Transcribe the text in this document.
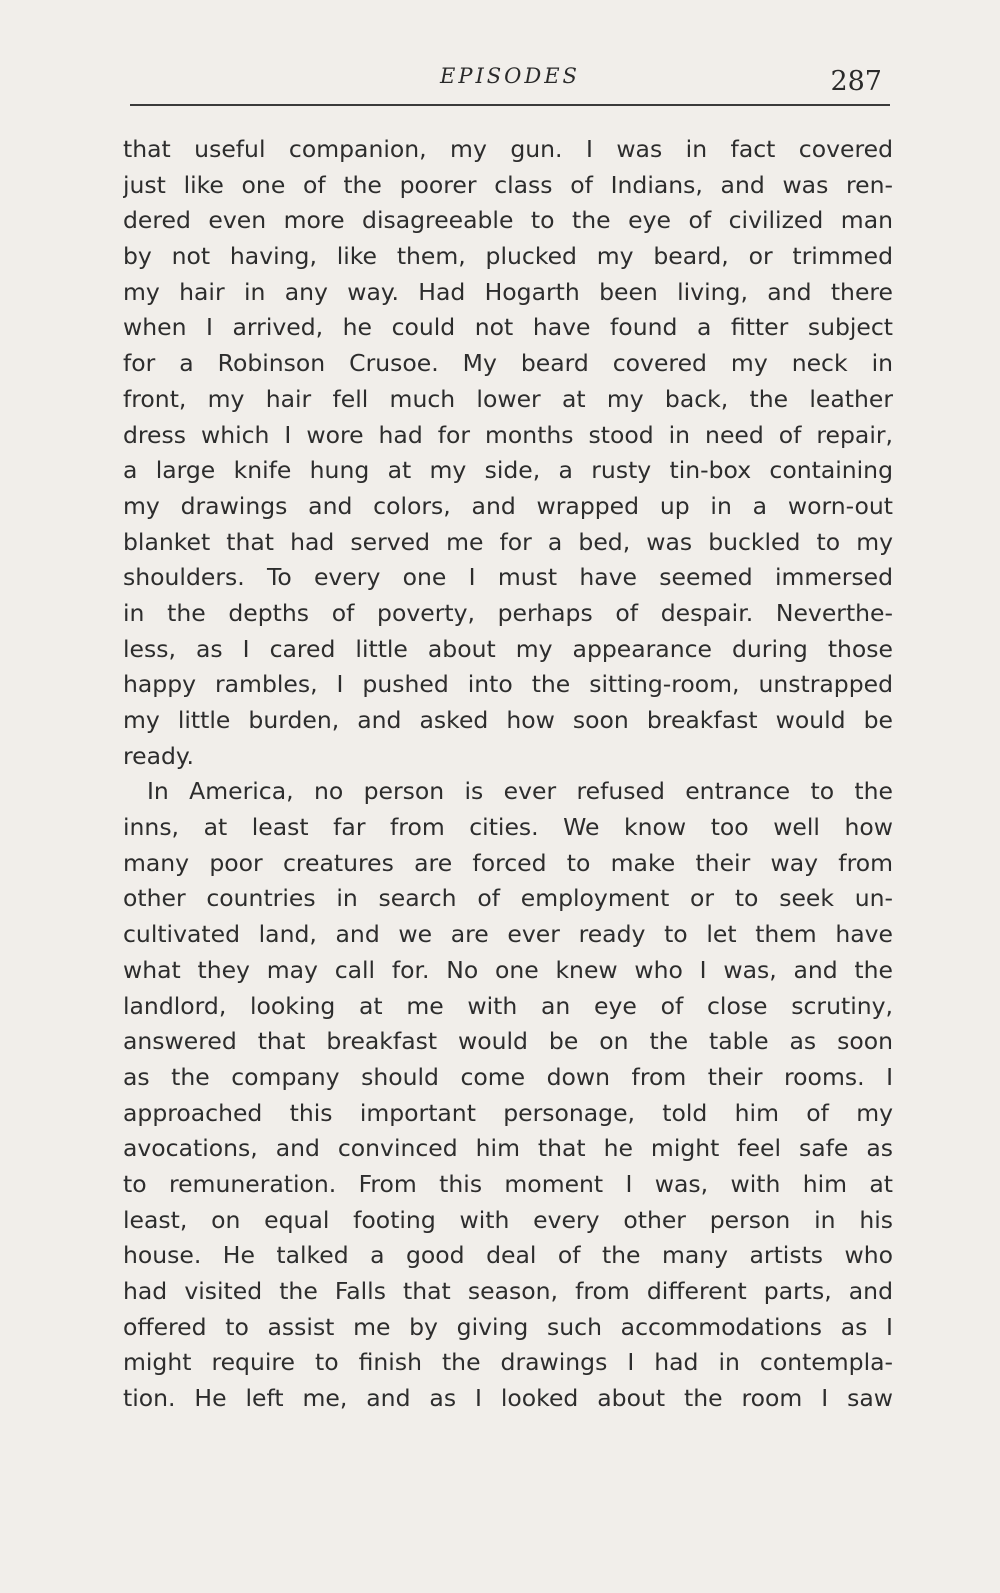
EPISODES	287
that useful companion, my gun. I was in fact covered
just like one of the poorer class of Indians, and was ren-
dered even more disagreeable to the eye of civilized man
by not having, like them, plucked my beard, or trimmed
my hair in any way. Had Hogarth been living, and there
when I arrived, he could not have found a fitter subject
for a Robinson Crusoe. My beard covered my neck in
front, my hair fell much lower at my back, the leather
dress which I wore had for months stood in need of repair,
a large knife hung at my side, a rusty tin-box containing
my drawings and colors, and wrapped up in a worn-out
blanket that had served me for a bed, was buckled to my
shoulders. To every one I must have seemed immersed
in the depths of poverty, perhaps of despair. Neverthe-
less, as I cared little about my appearance during those
happy rambles, I pushed into the sitting-room, unstrapped
my little burden, and asked how soon breakfast would be
ready.
In America, no person is ever refused entrance to the
inns, at least far from cities. We know too well how
many poor creatures are forced to make their way from
other countries in search of employment or to seek un-
cultivated land, and we are ever ready to let them have
what they may call for. No one knew who I was, and the
landlord, looking at me with an eye of close scrutiny,
answered that breakfast would be on the table as soon
as the company should come down from their rooms. I
approached this important personage, told him of my
avocations, and convinced him that he might feel safe as
to remuneration. From this moment I was, with him at
least, on equal footing with every other person in his
house. He talked a good deal of the many artists who
had visited the Falls that season, from different parts, and
offered to assist me by giving such accommodations as I
might require to finish the drawings I had in contempla-
tion. He left me, and as I looked about the room I saw
